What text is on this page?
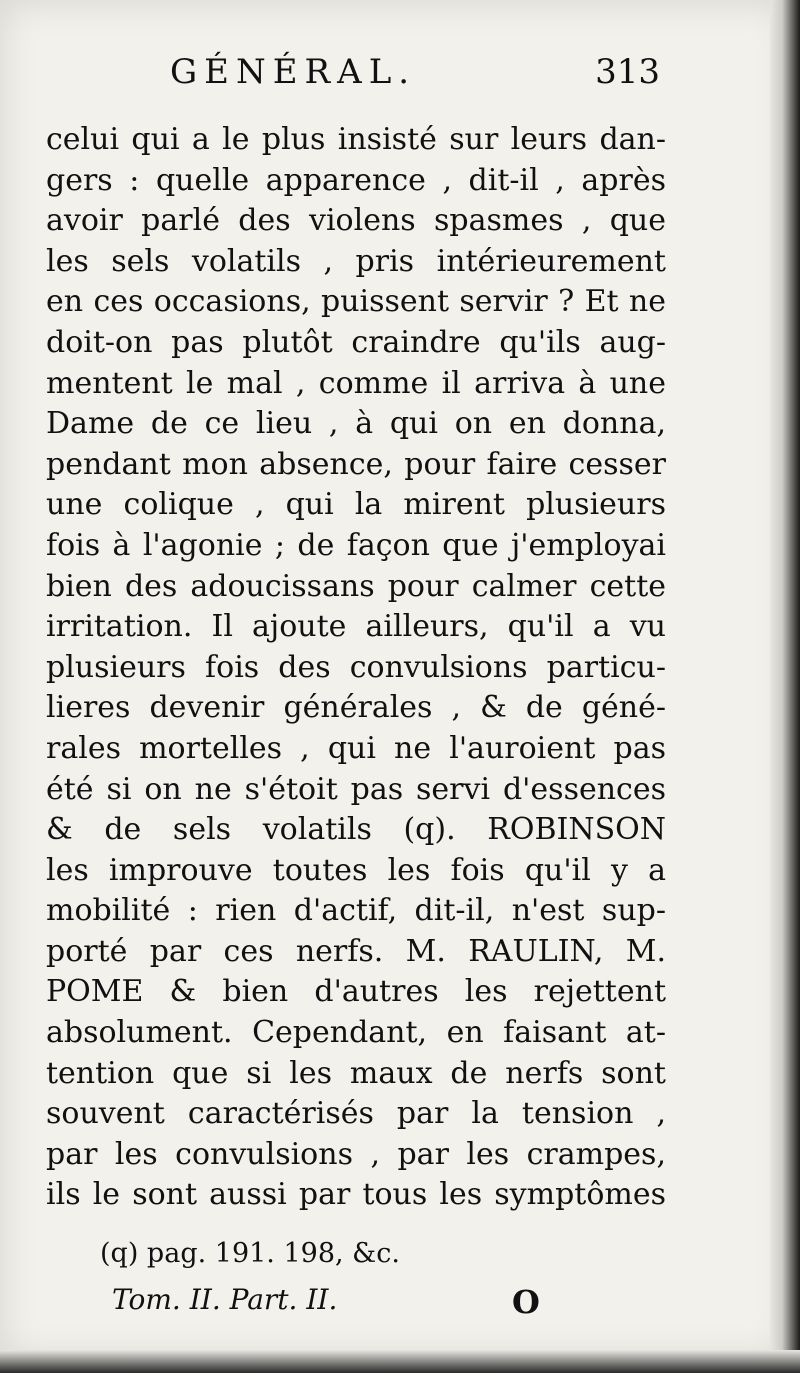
GÉNÉRAL.	313
celui qui a le plus insisté sur leurs dan-
gers : quelle apparence , dit-il , après
avoir parlé des violens spasmes , que
les sels volatils , pris intérieurement
en ces occasions, puissent servir ? Et ne
doit-on pas plutôt craindre qu'ils aug-
mentent le mal , comme il arriva à une
Dame de ce lieu , à qui on en donna,
pendant mon absence, pour faire cesser
une colique , qui la mirent plusieurs
fois à l'agonie ; de façon que j'employai
bien des adoucissans pour calmer cette
irritation. Il ajoute ailleurs, qu'il a vu
plusieurs fois des convulsions particu-
lieres devenir générales , & de géné-
rales mortelles , qui ne l'auroient pas
été si on ne s'étoit pas servi d'essences
& de sels volatils (q). ROBINSON
les improuve toutes les fois qu'il y a
mobilité : rien d'actif, dit-il, n'est sup-
porté par ces nerfs. M. RAULIN, M.
POME & bien d'autres les rejettent
absolument. Cependant, en faisant at-
tention que si les maux de nerfs sont
souvent caractérisés par la tension ,
par les convulsions , par les crampes,
ils le sont aussi par tous les symptômes
(q) pag. 191. 198, &c.
Tom. II. Part. II.	O
